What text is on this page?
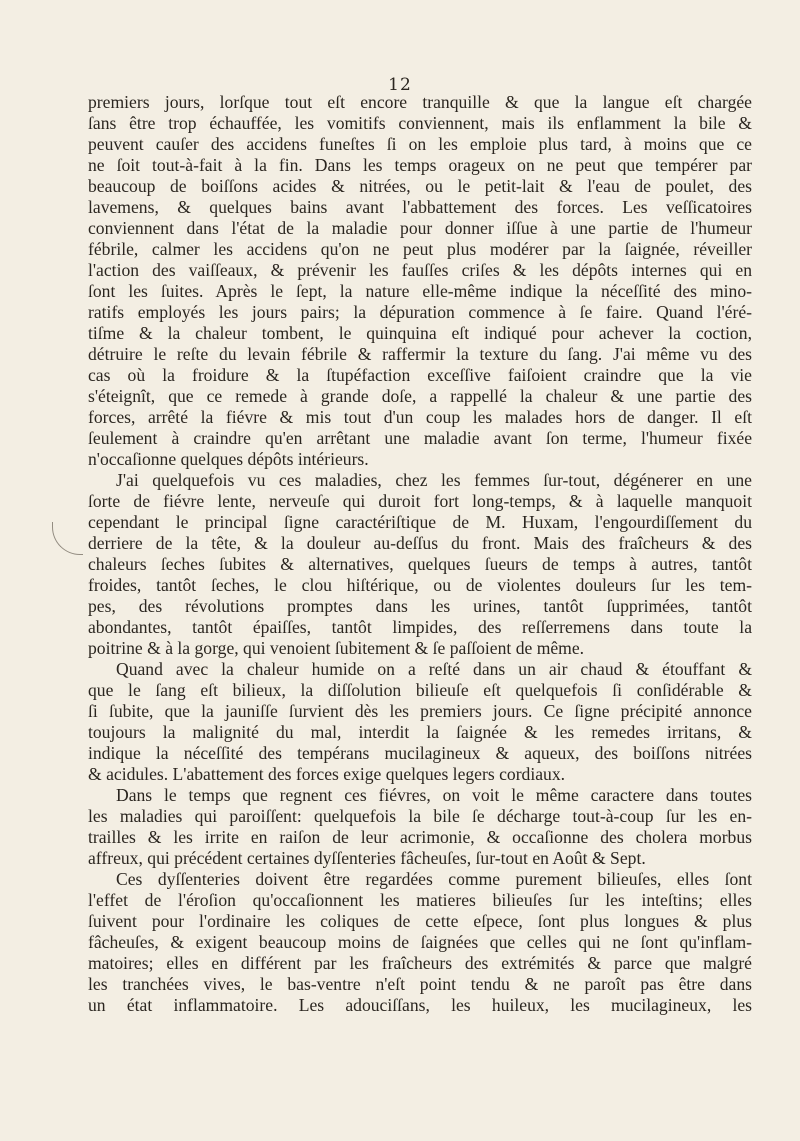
12
premiers jours, lorſque tout eſt encore tranquille & que la langue eſt chargée
ſans être trop échauffée, les vomitifs conviennent, mais ils enflamment la bile &
peuvent cauſer des accidens funeſtes ſi on les emploie plus tard, à moins que ce
ne ſoit tout-à-fait à la fin. Dans les temps orageux on ne peut que tempérer par
beaucoup de boiſſons acides & nitrées, ou le petit-lait & l'eau de poulet, des
lavemens, & quelques bains avant l'abbattement des forces. Les veſſicatoires
conviennent dans l'état de la maladie pour donner iſſue à une partie de l'humeur
fébrile, calmer les accidens qu'on ne peut plus modérer par la ſaignée, réveiller
l'action des vaiſſeaux, & prévenir les fauſſes criſes & les dépôts internes qui en
ſont les ſuites. Après le ſept, la nature elle-même indique la néceſſité des mino-
ratifs employés les jours pairs; la dépuration commence à ſe faire. Quand l'éré-
tiſme & la chaleur tombent, le quinquina eſt indiqué pour achever la coction,
détruire le reſte du levain fébrile & raffermir la texture du ſang. J'ai même vu des
cas où la froidure & la ſtupéfaction exceſſive faiſoient craindre que la vie
s'éteignît, que ce remede à grande doſe, a rappellé la chaleur & une partie des
forces, arrêté la fiévre & mis tout d'un coup les malades hors de danger. Il eſt
ſeulement à craindre qu'en arrêtant une maladie avant ſon terme, l'humeur fixée
n'occaſionne quelques dépôts intérieurs.
J'ai quelquefois vu ces maladies, chez les femmes ſur-tout, dégénerer en une
ſorte de fiévre lente, nerveuſe qui duroit fort long-temps, & à laquelle manquoit
cependant le principal ſigne caractériſtique de M. Huxam, l'engourdiſſement du
derriere de la tête, & la douleur au-deſſus du front. Mais des fraîcheurs & des
chaleurs ſeches ſubites & alternatives, quelques ſueurs de temps à autres, tantôt
froides, tantôt ſeches, le clou hiſtérique, ou de violentes douleurs ſur les tem-
pes, des révolutions promptes dans les urines, tantôt ſupprimées, tantôt
abondantes, tantôt épaiſſes, tantôt limpides, des reſſerremens dans toute la
poitrine & à la gorge, qui venoient ſubitement & ſe paſſoient de même.
Quand avec la chaleur humide on a reſté dans un air chaud & étouffant &
que le ſang eſt bilieux, la diſſolution bilieuſe eſt quelquefois ſi conſidérable &
ſi ſubite, que la jauniſſe ſurvient dès les premiers jours. Ce ſigne précipité annonce
toujours la malignité du mal, interdit la ſaignée & les remedes irritans, &
indique la néceſſité des tempérans mucilagineux & aqueux, des boiſſons nitrées
& acidules. L'abattement des forces exige quelques legers cordiaux.
Dans le temps que regnent ces fiévres, on voit le même caractere dans toutes
les maladies qui paroiſſent: quelquefois la bile ſe décharge tout-à-coup ſur les en-
trailles & les irrite en raiſon de leur acrimonie, & occaſionne des cholera morbus
affreux, qui précédent certaines dyſſenteries fâcheuſes, ſur-tout en Août & Sept.
Ces dyſſenteries doivent être regardées comme purement bilieuſes, elles ſont
l'effet de l'éroſion qu'occaſionnent les matieres bilieuſes ſur les inteſtins; elles
ſuivent pour l'ordinaire les coliques de cette eſpece, ſont plus longues & plus
fâcheuſes, & exigent beaucoup moins de ſaignées que celles qui ne ſont qu'inflam-
matoires; elles en différent par les fraîcheurs des extrémités & parce que malgré
les tranchées vives, le bas-ventre n'eſt point tendu & ne paroît pas être dans
un état inflammatoire. Les adouciſſans, les huileux, les mucilagineux, les
